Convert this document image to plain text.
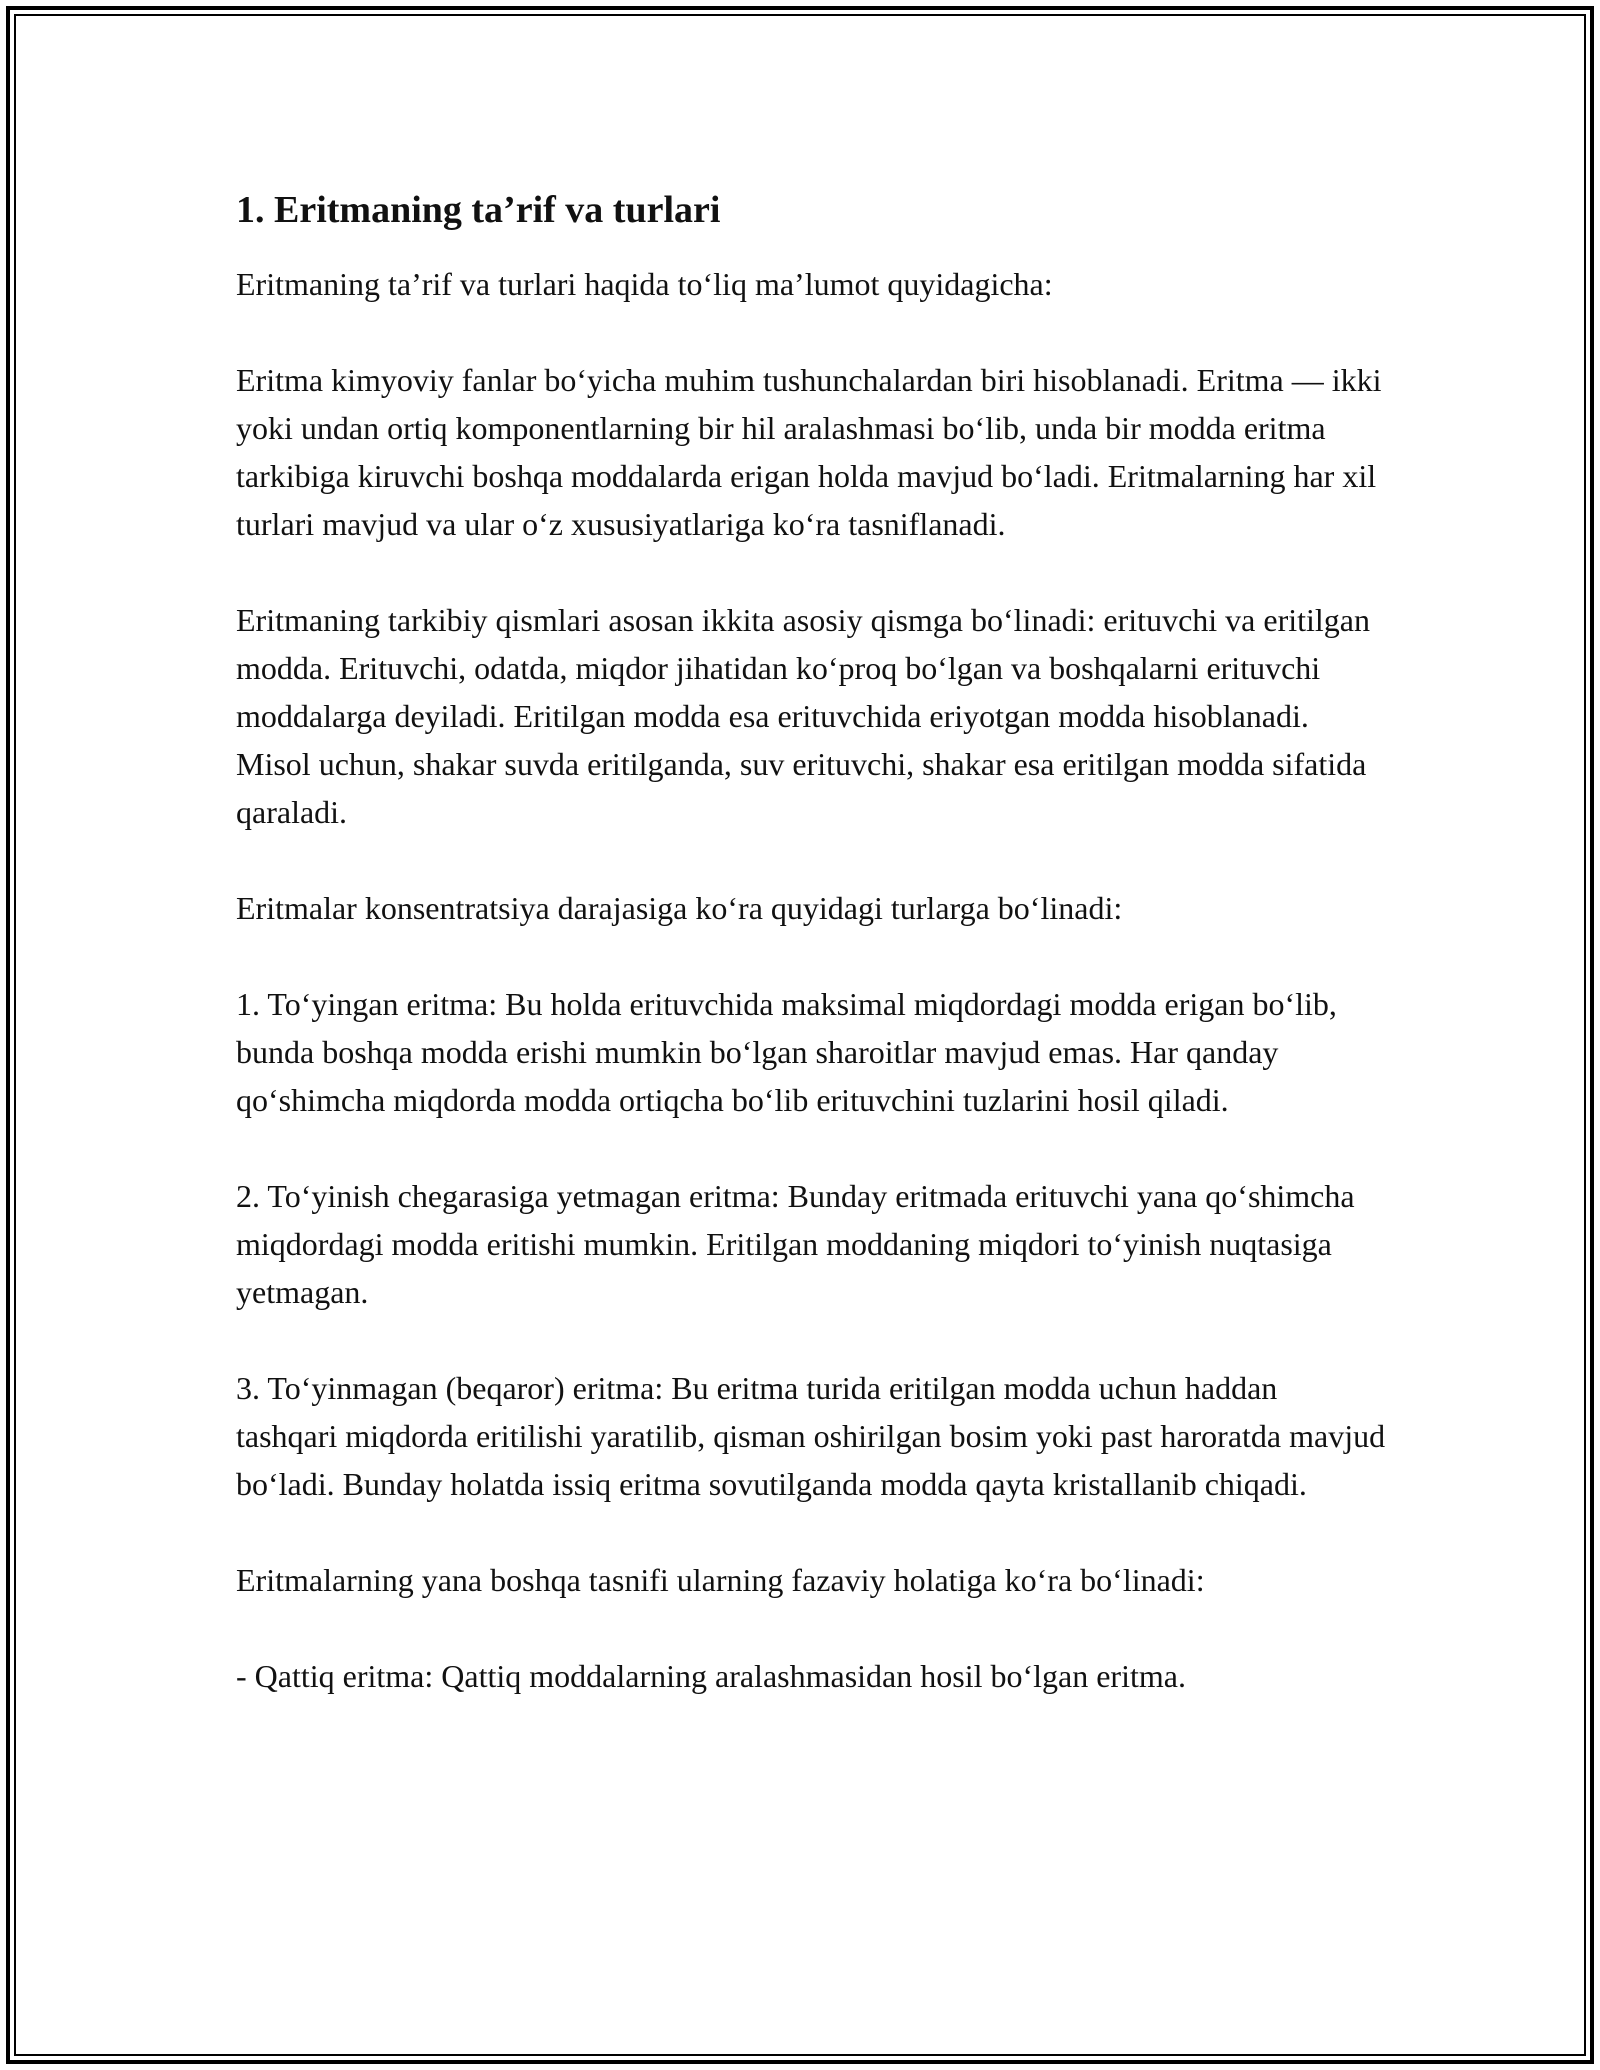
1. Eritmaning ta’rif va turlari

Eritmaning ta’rif va turlari haqida to‘liq ma’lumot quyidagicha:

Eritma kimyoviy fanlar bo‘yicha muhim tushunchalardan biri hisoblanadi. Eritma — ikki yoki undan ortiq komponentlarning bir hil aralashmasi bo‘lib, unda bir modda eritma tarkibiga kiruvchi boshqa moddalarda erigan holda mavjud bo‘ladi. Eritmalarning har xil turlari mavjud va ular o‘z xususiyatlariga ko‘ra tasniflanadi.

Eritmaning tarkibiy qismlari asosan ikkita asosiy qismga bo‘linadi: erituvchi va eritilgan modda. Erituvchi, odatda, miqdor jihatidan ko‘proq bo‘lgan va boshqalarni erituvchi moddalarga deyiladi. Eritilgan modda esa erituvchida eriyotgan modda hisoblanadi. Misol uchun, shakar suvda eritilganda, suv erituvchi, shakar esa eritilgan modda sifatida qaraladi.

Eritmalar konsentratsiya darajasiga ko‘ra quyidagi turlarga bo‘linadi:

1. To‘yingan eritma: Bu holda erituvchida maksimal miqdordagi modda erigan bo‘lib, bunda boshqa modda erishi mumkin bo‘lgan sharoitlar mavjud emas. Har qanday qo‘shimcha miqdorda modda ortiqcha bo‘lib erituvchini tuzlarini hosil qiladi.

2. To‘yinish chegarasiga yetmagan eritma: Bunday eritmada erituvchi yana qo‘shimcha miqdordagi modda eritishi mumkin. Eritilgan moddaning miqdori to‘yinish nuqtasiga yetmagan.

3. To‘yinmagan (beqaror) eritma: Bu eritma turida eritilgan modda uchun haddan tashqari miqdorda eritilishi yaratilib, qisman oshirilgan bosim yoki past haroratda mavjud bo‘ladi. Bunday holatda issiq eritma sovutilganda modda qayta kristallanib chiqadi.

Eritmalarning yana boshqa tasnifi ularning fazaviy holatiga ko‘ra bo‘linadi:

- Qattiq eritma: Qattiq moddalarning aralashmasidan hosil bo‘lgan eritma.
